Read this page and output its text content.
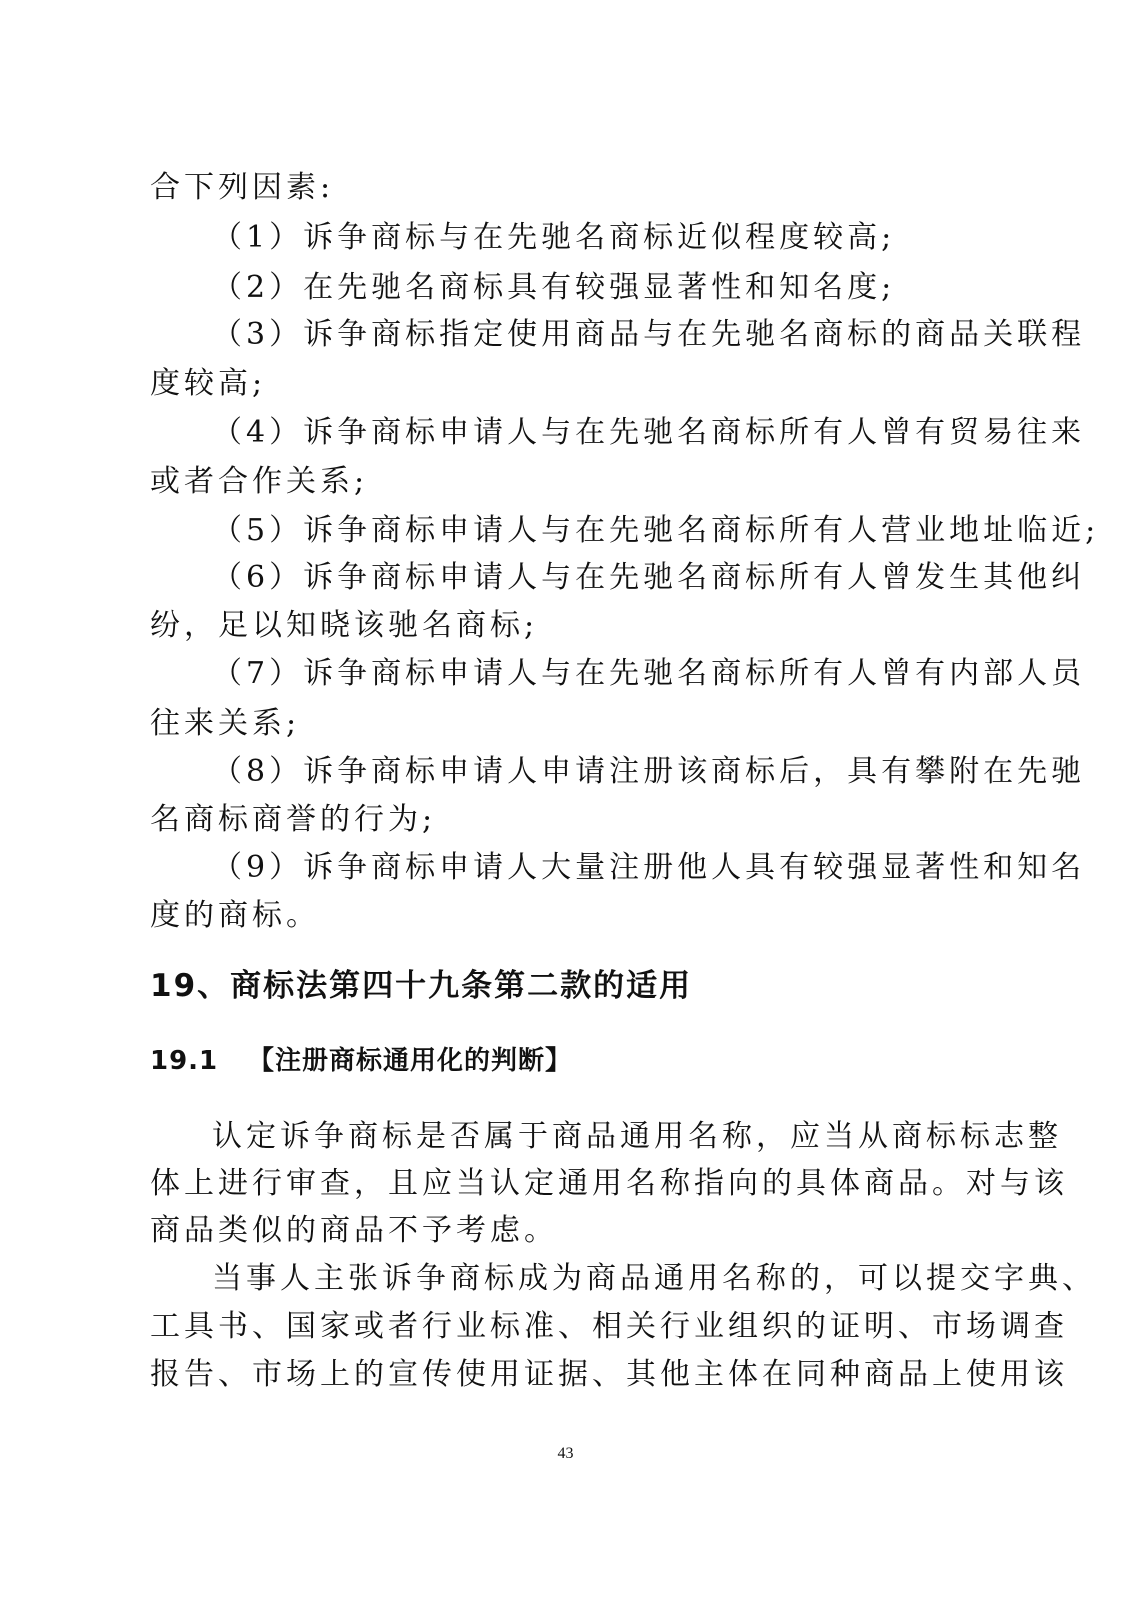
合下列因素:
（1）诉争商标与在先驰名商标近似程度较高;
（2）在先驰名商标具有较强显著性和知名度;
（3）诉争商标指定使用商品与在先驰名商标的商品关联程
度较高;
（4）诉争商标申请人与在先驰名商标所有人曾有贸易往来
或者合作关系;
（5）诉争商标申请人与在先驰名商标所有人营业地址临近;
（6）诉争商标申请人与在先驰名商标所有人曾发生其他纠
纷，足以知晓该驰名商标;
（7）诉争商标申请人与在先驰名商标所有人曾有内部人员
往来关系;
（8）诉争商标申请人申请注册该商标后，具有攀附在先驰
名商标商誉的行为;
（9）诉争商标申请人大量注册他人具有较强显著性和知名
度的商标。
19、商标法第四十九条第二款的适用
19.1 【注册商标通用化的判断】
认定诉争商标是否属于商品通用名称，应当从商标标志整
体上进行审查，且应当认定通用名称指向的具体商品。对与该
商品类似的商品不予考虑。
当事人主张诉争商标成为商品通用名称的，可以提交字典、
工具书、国家或者行业标准、相关行业组织的证明、市场调查
报告、市场上的宣传使用证据、其他主体在同种商品上使用该
43
